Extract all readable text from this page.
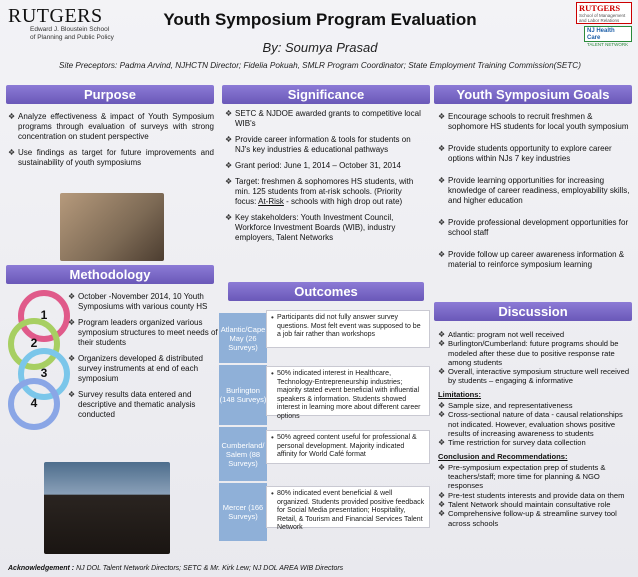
RUTGERS
Edward J. Bloustein School
of Planning and Public Policy
Youth Symposium Program Evaluation
By: Soumya Prasad
Site Preceptors: Padma Arvind, NJHCTN Director; Fidelia Pokuah, SMLR Program Coordinator; State Employment Training Commission(SETC)
RUTGERS
School of Management and Labor Relations
NJ Health Care
TALENT NETWORK
Purpose
❖ Analyze effectiveness & impact of Youth Symposium programs through evaluation of surveys with strong concentration on student perspective
❖ Use findings as target for future improvements and sustainability of youth symposiums
Methodology
1
2
3
4
❖ October -November 2014, 10 Youth Symposiums with various county HS
❖ Program leaders organized various symposium structures to meet needs of their students
❖ Organizers developed & distributed survey instruments at end of each symposium
❖ Survey results data entered and descriptive and thematic analysis conducted
Significance
❖ SETC & NJDOE awarded grants to competitive local WIB's
❖ Provide career information & tools for students on NJ's key industries & educational pathways
❖ Grant period: June 1, 2014 – October 31, 2014
❖ Target: freshmen & sophomores HS students, with min. 125 students from at-risk schools. (Priority focus: At-Risk - schools with high drop out rate)
❖ Key stakeholders: Youth Investment Council, Workforce Investment Boards (WIB), industry employers, Talent Networks
Outcomes
Atlantic/Cape May (26 Surveys)
• Participants did not fully answer survey questions. Most felt event was supposed to be a job fair rather than workshops
Burlington (148 Surveys)
• 50% indicated interest in Healthcare, Technology-Entrepreneurship industries; majority stated event beneficial with influential speakers & information. Students showed interest in learning more about different career options
Cumberland/ Salem (88 Surveys)
• 50% agreed content useful for professional & personal development. Majority indicated affinity for World Café format
Mercer (166 Surveys)
• 80% indicated event beneficial & well organized. Students provided positive feedback for Social Media presentation; Hospitality, Retail, & Tourism and Financial Services Talent Network
Youth Symposium Goals
❖ Encourage schools to recruit freshmen & sophomore HS students for local youth symposium
❖ Provide students opportunity to explore career options within NJs 7 key industries
❖ Provide learning opportunities for increasing knowledge of career readiness, employability skills, and higher education
❖ Provide professional development opportunities for school staff
❖ Provide follow up career awareness information & material to reinforce symposium learning
Discussion
❖ Atlantic: program not well received
❖ Burlington/Cumberland: future programs should be modeled after these due to positive response rate among students
❖ Overall, interactive symposium structure well received by students – engaging & informative
Limitations:
❖ Sample size, and representativeness
❖ Cross-sectional nature of data - causal relationships not indicated. However, evaluation shows positive results of increasing awareness to students
❖ Time restriction for survey data collection
Conclusion and Recommendations:
❖ Pre-symposium expectation prep of students & teachers/staff; more time for planning & NGO responses
❖ Pre-test students interests and provide data on them
❖ Talent Network should maintain consultative role
❖ Comprehensive follow-up & streamline survey tool across schools
Acknowledgement : NJ DOL Talent Network Directors; SETC & Mr. Kirk Lew; NJ DOL AREA WIB Directors
